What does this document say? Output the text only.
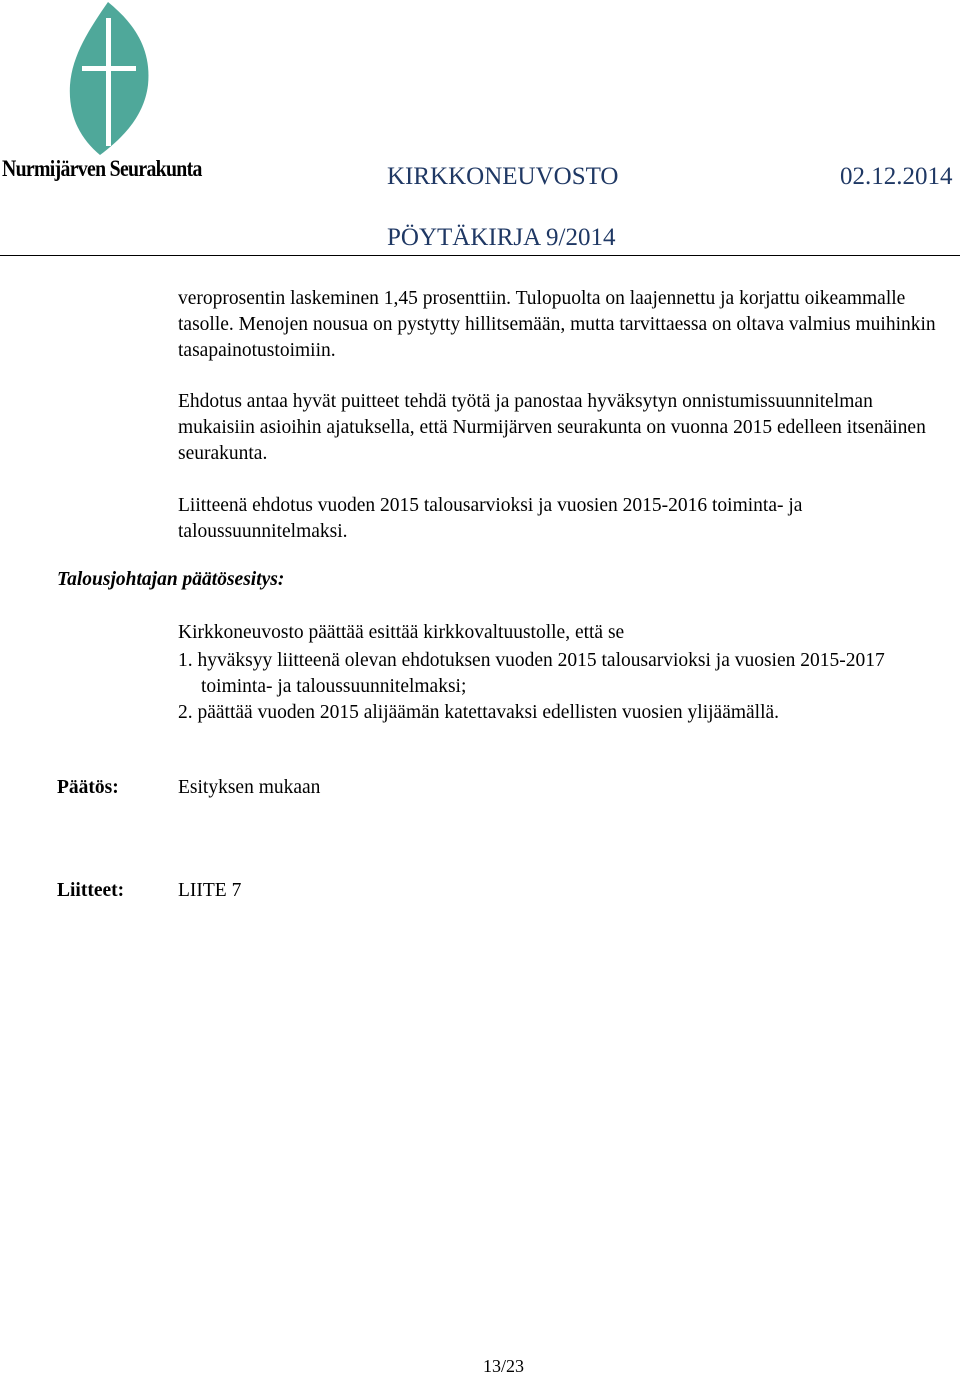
Nurmijärven Seurakunta	KIRKKONEUVOSTO	02.12.2014
PÖYTÄKIRJA 9/2014

veroprosentin laskeminen 1,45 prosenttiin. Tulopuolta on laajennettu ja korjattu oikeammalle tasolle. Menojen nousua on pystytty hillitsemään, mutta tarvittaessa on oltava valmius muihinkin tasapainotustoimiin.

Ehdotus antaa hyvät puitteet tehdä työtä ja panostaa hyväksytyn onnistumissuunnitelman mukaisiin asioihin ajatuksella, että Nurmijärven seurakunta on vuonna 2015 edelleen itsenäinen seurakunta.

Liitteenä ehdotus vuoden 2015 talousarvioksi ja vuosien 2015-2016 toiminta- ja taloussuunnitelmaksi.

Talousjohtajan päätösesitys:
Kirkkoneuvosto päättää esittää kirkkovaltuustolle, että se
1. hyväksyy liitteenä olevan ehdotuksen vuoden 2015 talousarvioksi ja vuosien 2015-2017 toiminta- ja taloussuunnitelmaksi;
2. päättää vuoden 2015 alijäämän katettavaksi edellisten vuosien ylijäämällä.
Päätös:	Esityksen mukaan
Liitteet:	LIITE 7
13/23
